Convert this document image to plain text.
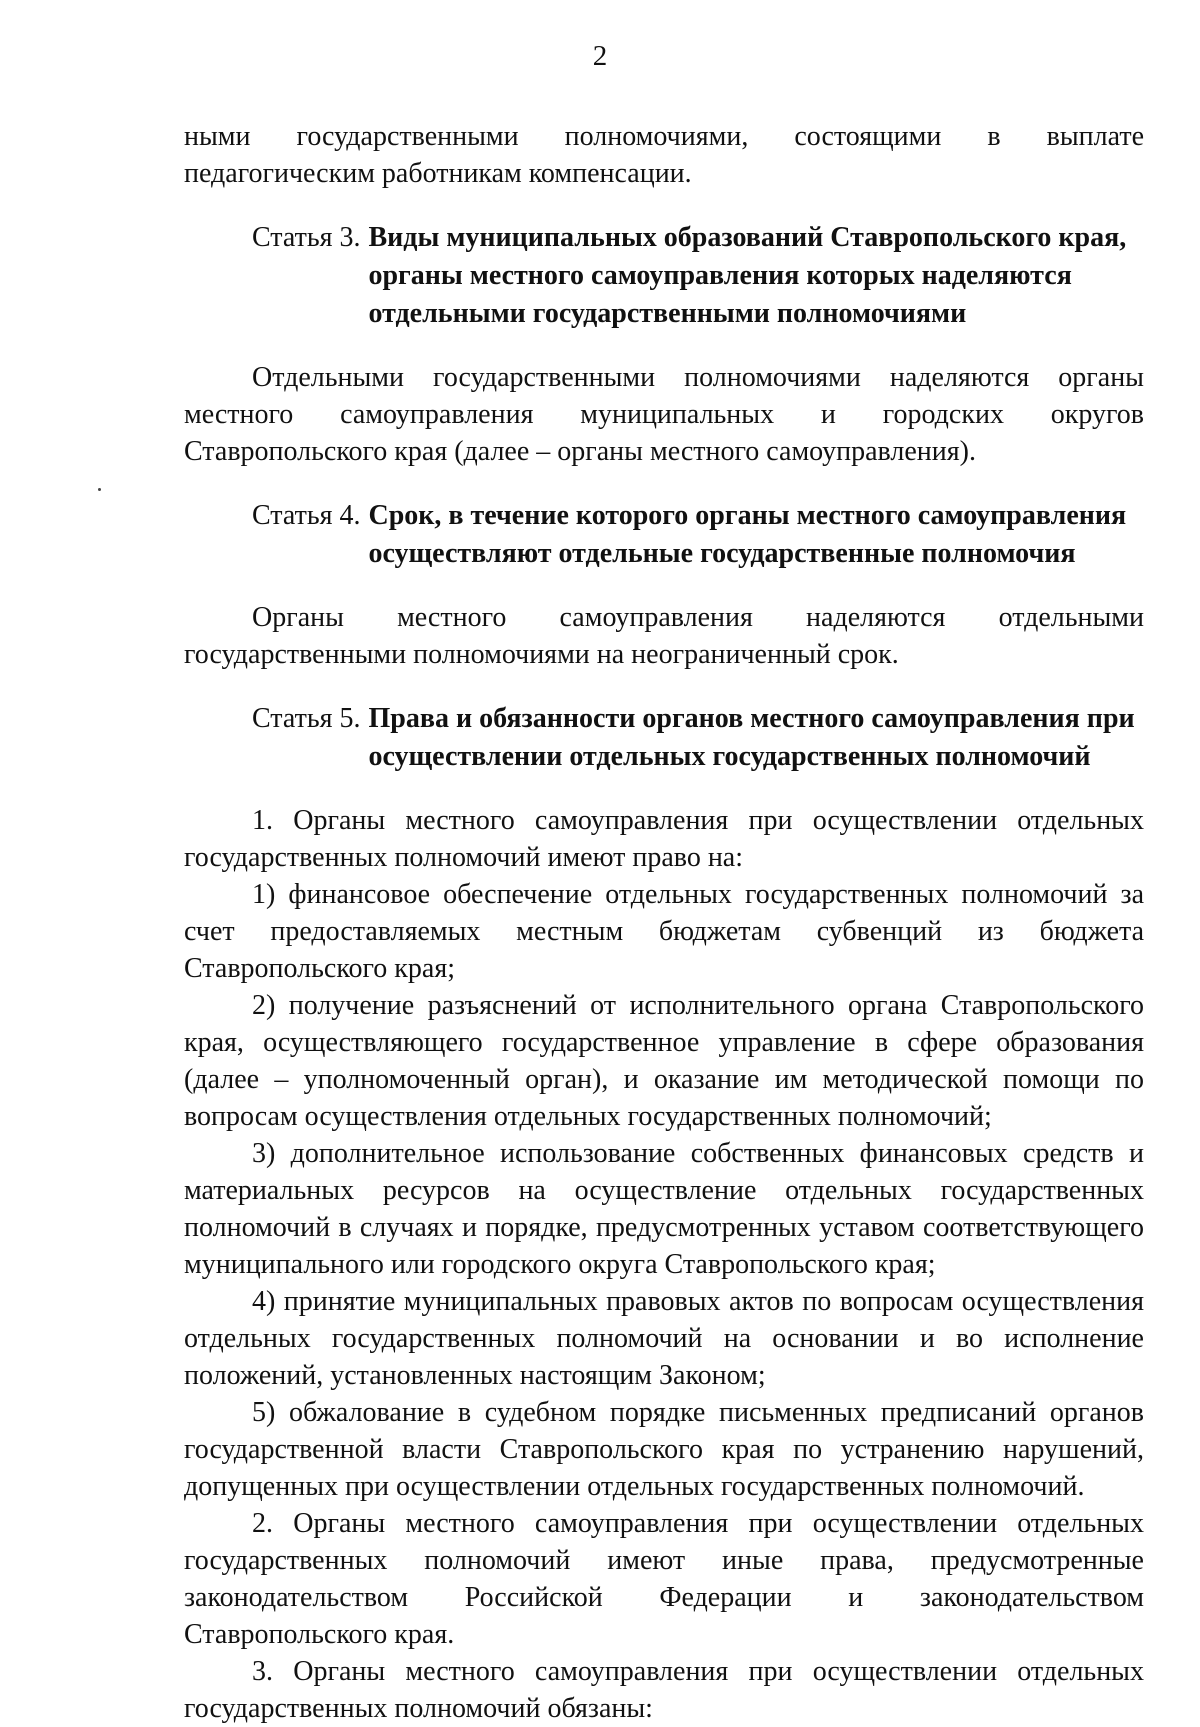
2

ными государственными полномочиями, состоящими в выплате педагогическим работникам компенсации.

Статья 3. Виды муниципальных образований Ставропольского края,
органы местного самоуправления которых наделяются
отдельными государственными полномочиями

Отдельными государственными полномочиями наделяются органы местного самоуправления муниципальных и городских округов Ставропольского края (далее – органы местного самоуправления).

Статья 4. Срок, в течение которого органы местного самоуправления
осуществляют отдельные государственные полномочия

Органы местного самоуправления наделяются отдельными государственными полномочиями на неограниченный срок.

Статья 5. Права и обязанности органов местного самоуправления при
осуществлении отдельных государственных полномочий

1. Органы местного самоуправления при осуществлении отдельных государственных полномочий имеют право на:

1) финансовое обеспечение отдельных государственных полномочий за счет предоставляемых местным бюджетам субвенций из бюджета Ставропольского края;

2) получение разъяснений от исполнительного органа Ставропольского края, осуществляющего государственное управление в сфере образования (далее – уполномоченный орган), и оказание им методической помощи по вопросам осуществления отдельных государственных полномочий;

3) дополнительное использование собственных финансовых средств и материальных ресурсов на осуществление отдельных государственных полномочий в случаях и порядке, предусмотренных уставом соответствующего муниципального или городского округа Ставропольского края;

4) принятие муниципальных правовых актов по вопросам осуществления отдельных государственных полномочий на основании и во исполнение положений, установленных настоящим Законом;

5) обжалование в судебном порядке письменных предписаний органов государственной власти Ставропольского края по устранению нарушений, допущенных при осуществлении отдельных государственных полномочий.

2. Органы местного самоуправления при осуществлении отдельных государственных полномочий имеют иные права, предусмотренные законодательством Российской Федерации и законодательством Ставропольского края.

3. Органы местного самоуправления при осуществлении отдельных государственных полномочий обязаны:
